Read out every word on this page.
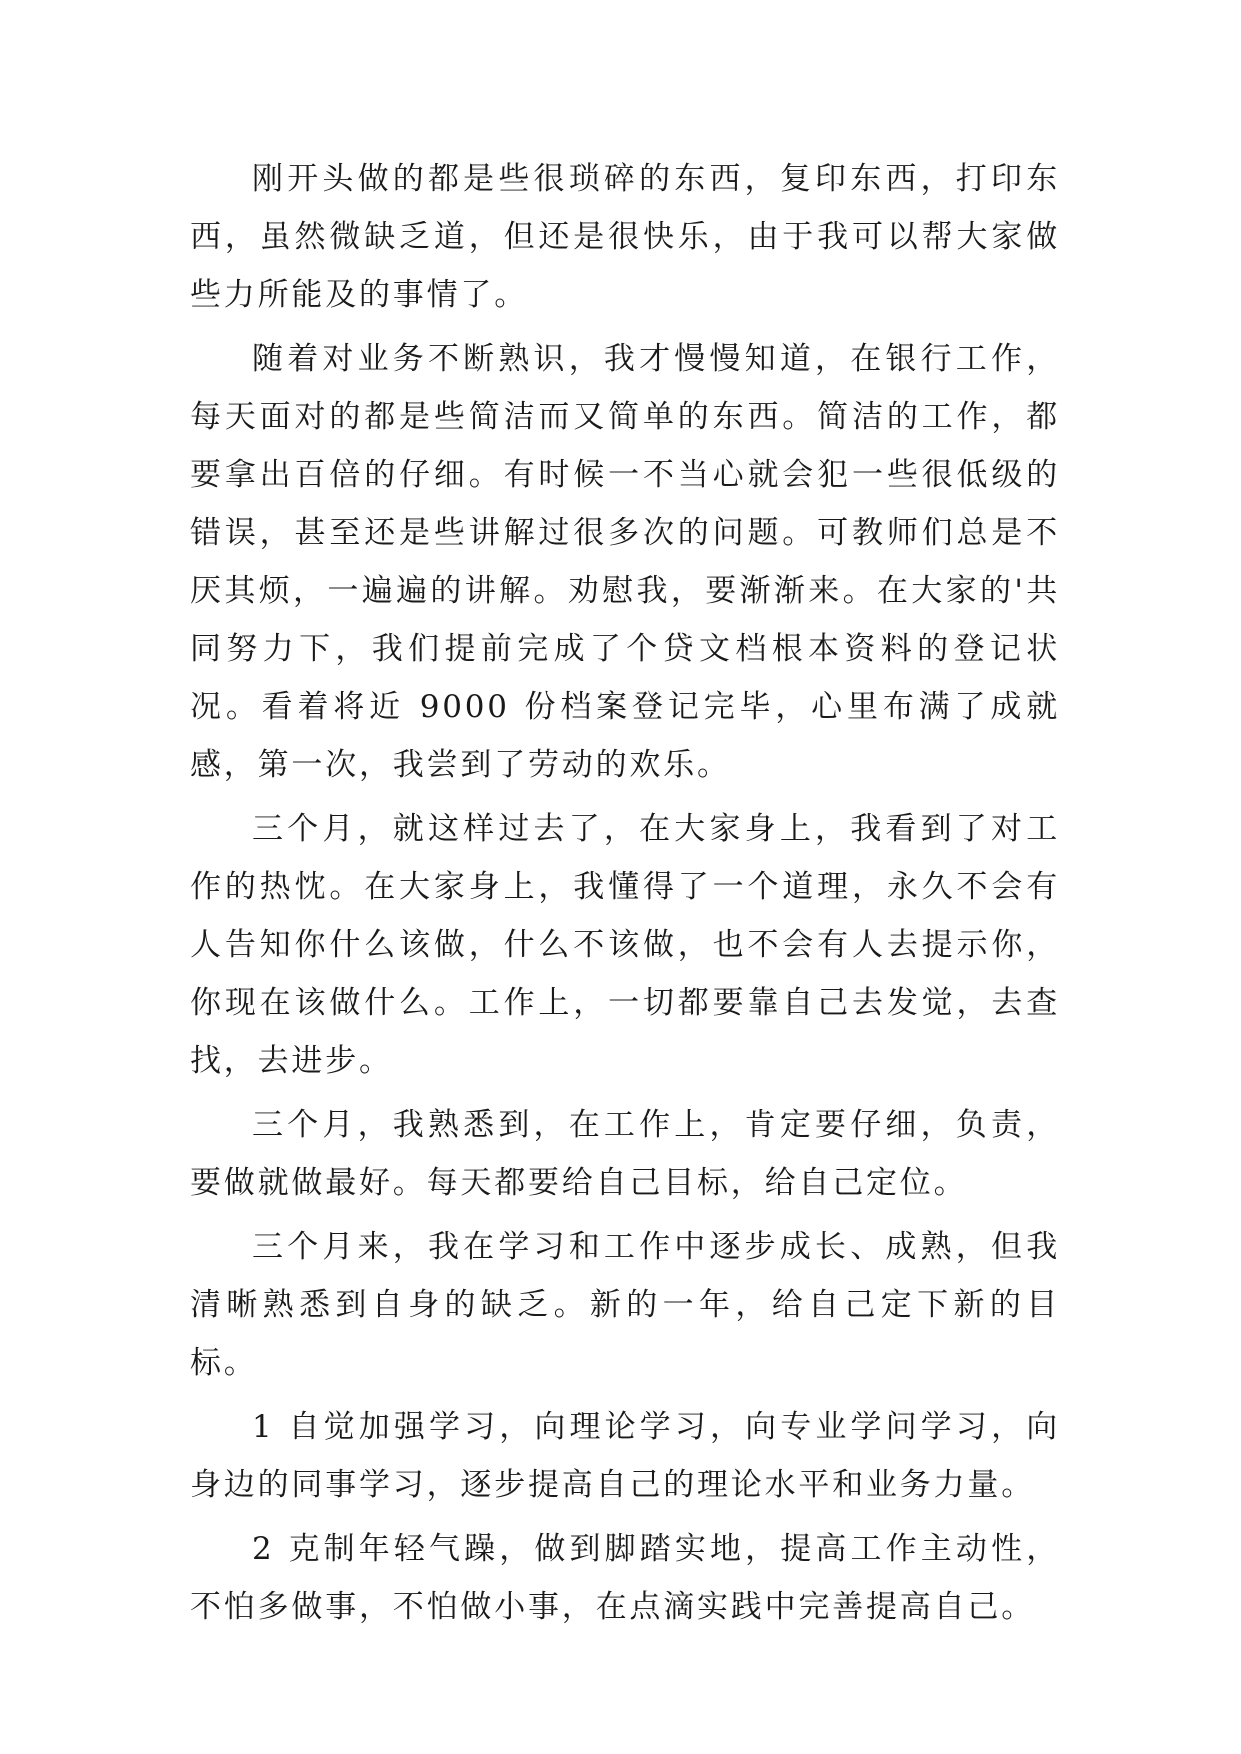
刚开头做的都是些很琐碎的东西，复印东西，打印东西，虽然微缺乏道，但还是很快乐，由于我可以帮大家做些力所能及的事情了。

随着对业务不断熟识，我才慢慢知道，在银行工作，每天面对的都是些简洁而又简单的东西。简洁的工作，都要拿出百倍的仔细。有时候一不当心就会犯一些很低级的错误，甚至还是些讲解过很多次的问题。可教师们总是不厌其烦，一遍遍的讲解。劝慰我，要渐渐来。在大家的'共同努力下，我们提前完成了个贷文档根本资料的登记状况。看着将近 9000 份档案登记完毕，心里布满了成就感，第一次，我尝到了劳动的欢乐。

三个月，就这样过去了，在大家身上，我看到了对工作的热忱。在大家身上，我懂得了一个道理，永久不会有人告知你什么该做，什么不该做，也不会有人去提示你，你现在该做什么。工作上，一切都要靠自己去发觉，去查找，去进步。

三个月，我熟悉到，在工作上，肯定要仔细，负责，要做就做最好。每天都要给自己目标，给自己定位。

三个月来，我在学习和工作中逐步成长、成熟，但我清晰熟悉到自身的缺乏。新的一年，给自己定下新的目标。

1 自觉加强学习，向理论学习，向专业学问学习，向身边的同事学习，逐步提高自己的理论水平和业务力量。

2 克制年轻气躁，做到脚踏实地，提高工作主动性，不怕多做事，不怕做小事，在点滴实践中完善提高自己。
